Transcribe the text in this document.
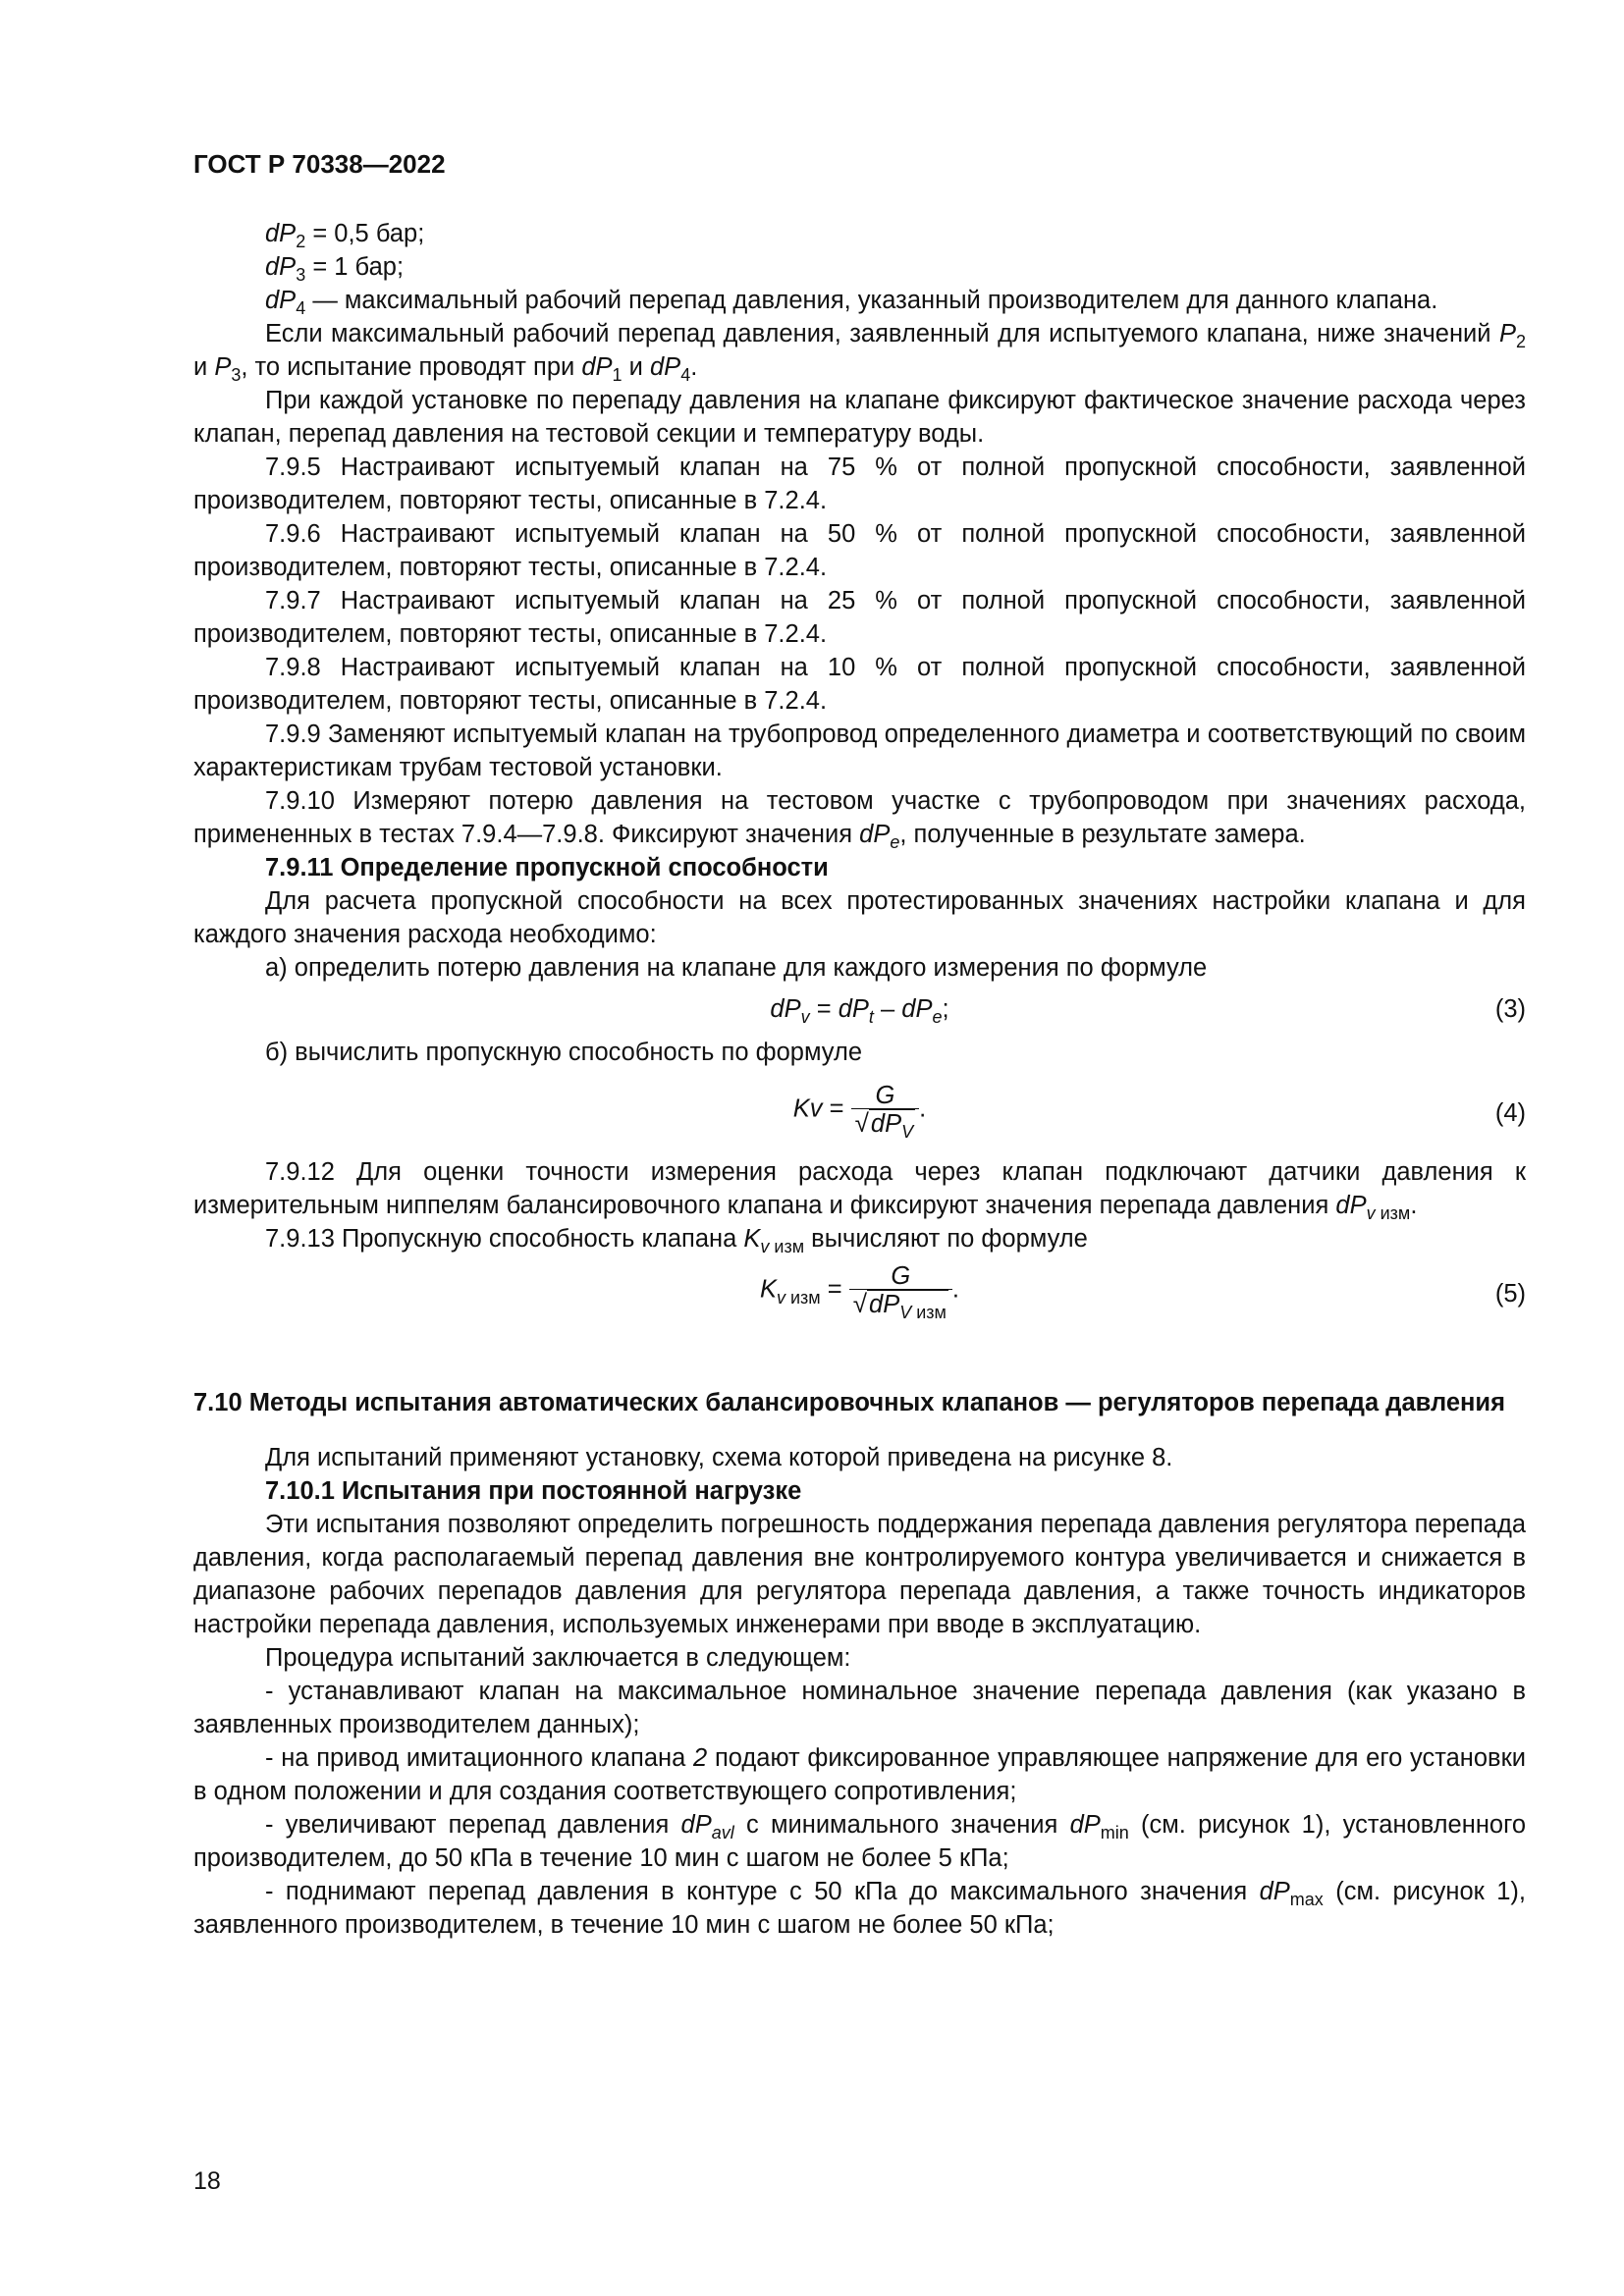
ГОСТ Р 70338—2022

$dP_2 = 0,5$ бар;

$dP_3 = 1$ бар;

$dP_4$ — максимальный рабочий перепад давления, указанный производителем для данного клапана.

Если максимальный рабочий перепад давления, заявленный для испытуемого клапана, ниже значений $P_2$ и $P_3$, то испытание проводят при $dP_1$ и $dP_4$.

При каждой установке по перепаду давления на клапане фиксируют фактическое значение расхода через клапан, перепад давления на тестовой секции и температуру воды.

7.9.5 Настраивают испытуемый клапан на 75 % от полной пропускной способности, заявленной производителем, повторяют тесты, описанные в 7.2.4.

7.9.6 Настраивают испытуемый клапан на 50 % от полной пропускной способности, заявленной производителем, повторяют тесты, описанные в 7.2.4.

7.9.7 Настраивают испытуемый клапан на 25 % от полной пропускной способности, заявленной производителем, повторяют тесты, описанные в 7.2.4.

7.9.8 Настраивают испытуемый клапан на 10 % от полной пропускной способности, заявленной производителем, повторяют тесты, описанные в 7.2.4.

7.9.9 Заменяют испытуемый клапан на трубопровод определенного диаметра и соответствующий по своим характеристикам трубам тестовой установки.

7.9.10 Измеряют потерю давления на тестовом участке с трубопроводом при значениях расхода, примененных в тестах 7.9.4—7.9.8. Фиксируют значения $dP_e$, полученные в результате замера.

7.9.11 Определение пропускной способности

Для расчета пропускной способности на всех протестированных значениях настройки клапана и для каждого значения расхода необходимо:

а) определить потерю давления на клапане для каждого измерения по формуле

$dP_v = dP_t - dP_e$;	(3)

б) вычислить пропускную способность по формуле

$Kv = \frac{G}{√dP_V}$ .	(4)

7.9.12 Для оценки точности измерения расхода через клапан подключают датчики давления к измерительным ниппелям балансировочного клапана и фиксируют значения перепада давления $dP_{v изм}$.

7.9.13 Пропускную способность клапана $K_{v изм}$ вычисляют по формуле

$K_{v изм} = \frac{G}{√dP_{V изм}}$ .	(5)

7.10 Методы испытания автоматических балансировочных клапанов — регуляторов перепада давления

Для испытаний применяют установку, схема которой приведена на рисунке 8.

7.10.1 Испытания при постоянной нагрузке

Эти испытания позволяют определить погрешность поддержания перепада давления регулятора перепада давления, когда располагаемый перепад давления вне контролируемого контура увеличивается и снижается в диапазоне рабочих перепадов давления для регулятора перепада давления, а также точность индикаторов настройки перепада давления, используемых инженерами при вводе в эксплуатацию.

Процедура испытаний заключается в следующем:

- устанавливают клапан на максимальное номинальное значение перепада давления (как указано в заявленных производителем данных);

- на привод имитационного клапана 2 подают фиксированное управляющее напряжение для его установки в одном положении и для создания соответствующего сопротивления;

- увеличивают перепад давления $dP_{avl}$ с минимального значения $dP_{min}$ (см. рисунок 1), установленного производителем, до 50 кПа в течение 10 мин с шагом не более 5 кПа;

- поднимают перепад давления в контуре с 50 кПа до максимального значения $dP_{max}$ (см. рисунок 1), заявленного производителем, в течение 10 мин с шагом не более 50 кПа;

18
